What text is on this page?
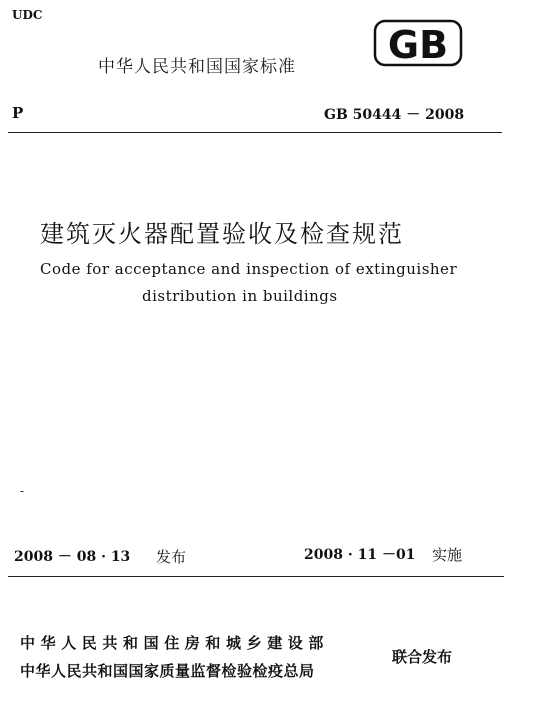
UDC
中华人民共和国国家标准 GB
P	GB 50444 － 2008
建筑灭火器配置验收及检查规范
Code for acceptance and inspection of extinguisher
distribution in buildings
-
2008 － 08 · 13 发布	2008 · 11 －01 实施
中华人民共和国住房和城乡建设部
中华人民共和国国家质量监督检验检疫总局
联合发布
